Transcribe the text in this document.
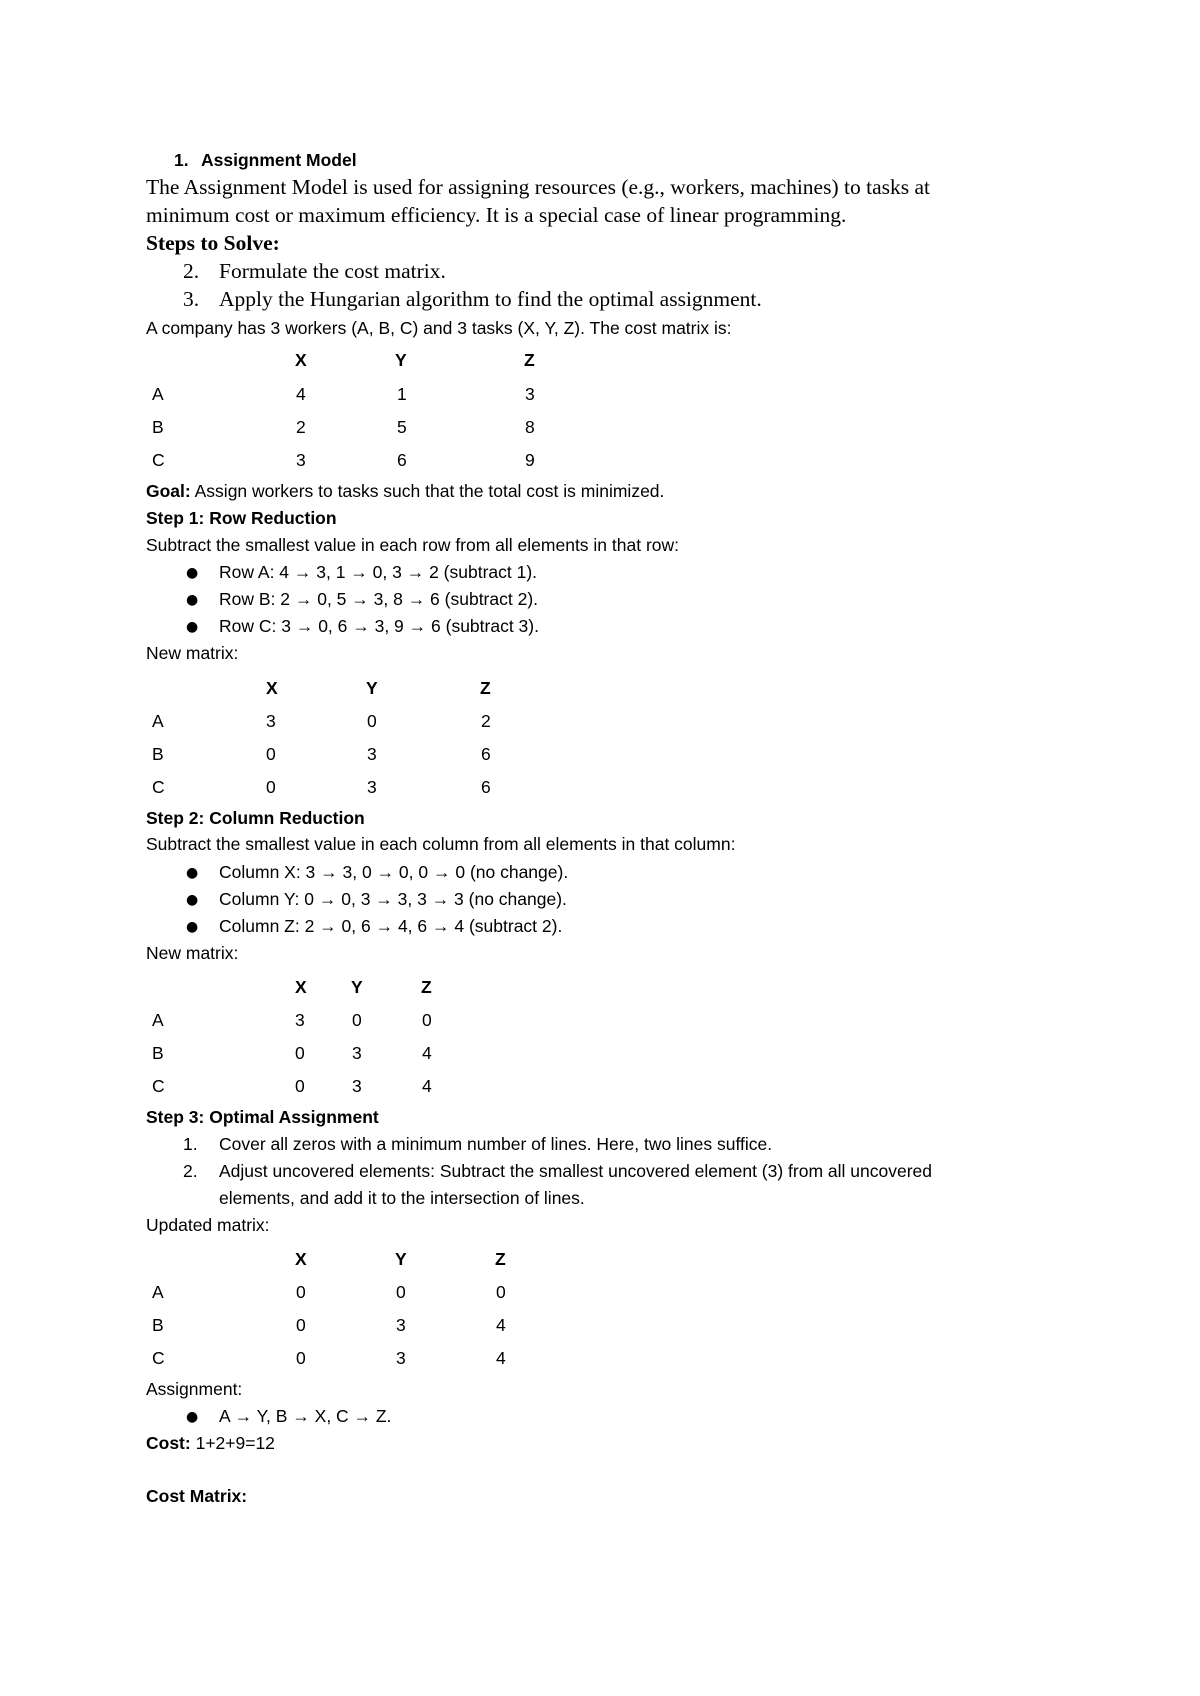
1. Assignment Model
The Assignment Model is used for assigning resources (e.g., workers, machines) to tasks at
minimum cost or maximum efficiency. It is a special case of linear programming.
Steps to Solve:
2. Formulate the cost matrix.
3. Apply the Hungarian algorithm to find the optimal assignment.
A company has 3 workers (A, B, C) and 3 tasks (X, Y, Z). The cost matrix is:
X	Y	Z
A	4	1	3
B	2	5	8
C	3	6	9
Goal: Assign workers to tasks such that the total cost is minimized.
Step 1: Row Reduction
Subtract the smallest value in each row from all elements in that row:
● Row A: 4 → 3, 1 → 0, 3 → 2 (subtract 1).
● Row B: 2 → 0, 5 → 3, 8 → 6 (subtract 2).
● Row C: 3 → 0, 6 → 3, 9 → 6 (subtract 3).
New matrix:
X	Y	Z
A	3	0	2
B	0	3	6
C	0	3	6
Step 2: Column Reduction
Subtract the smallest value in each column from all elements in that column:
● Column X: 3 → 3, 0 → 0, 0 → 0 (no change).
● Column Y: 0 → 0, 3 → 3, 3 → 3 (no change).
● Column Z: 2 → 0, 6 → 4, 6 → 4 (subtract 2).
New matrix:
X	Y	Z
A	3	0	0
B	0	3	4
C	0	3	4
Step 3: Optimal Assignment
1. Cover all zeros with a minimum number of lines. Here, two lines suffice.
2. Adjust uncovered elements: Subtract the smallest uncovered element (3) from all uncovered
elements, and add it to the intersection of lines.
Updated matrix:
X	Y	Z
A	0	0	0
B	0	3	4
C	0	3	4
Assignment:
● A → Y, B → X, C → Z.
Cost: 1+2+9=12
Cost Matrix:
